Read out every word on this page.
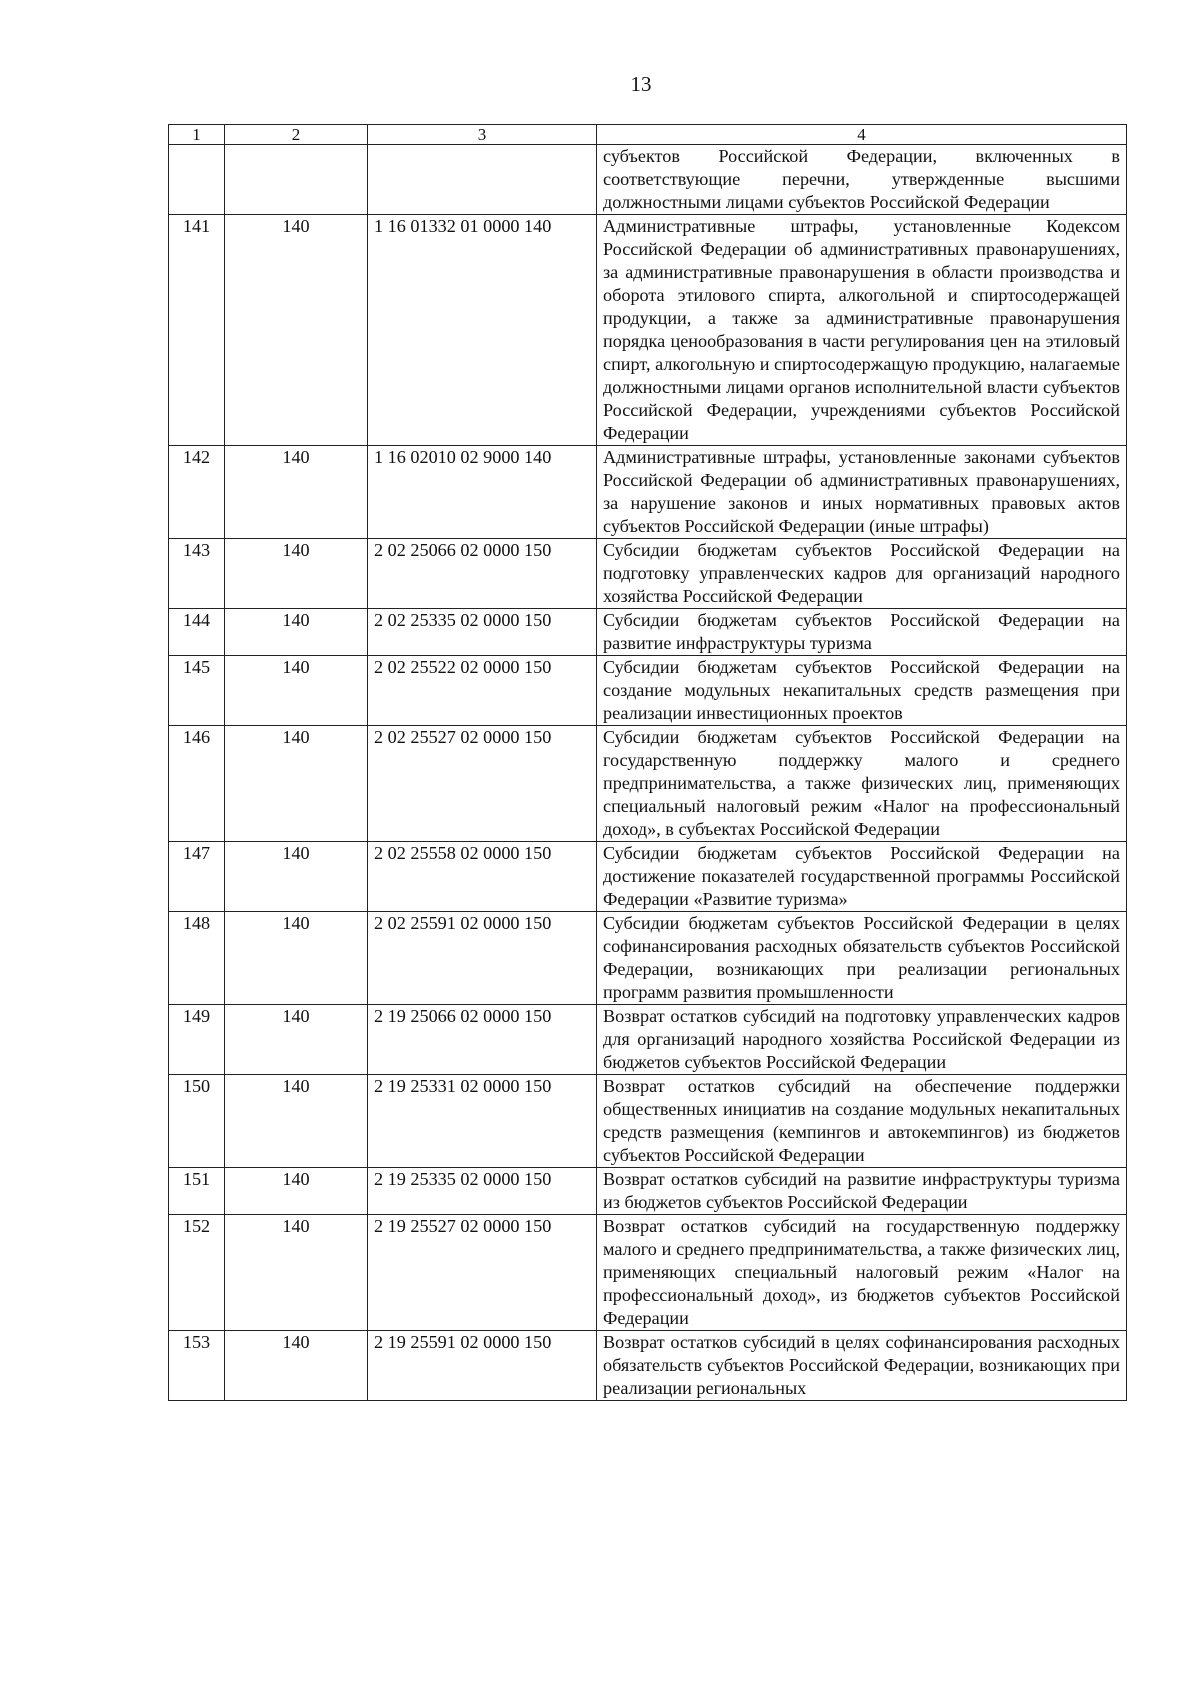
13
1	2	3	4
			субъектов Российской Федерации, включенных в соответствующие перечни, утвержденные высшими должностными лицами субъектов Российской Федерации
141	140	1 16 01332 01 0000 140	Административные штрафы, установленные Кодексом Российской Федерации об административных правонарушениях, за административные правонарушения в области производства и оборота этилового спирта, алкогольной и спиртосодержащей продукции, а также за административные правонарушения порядка ценообразования в части регулирования цен на этиловый спирт, алкогольную и спиртосодержащую продукцию, налагаемые должностными лицами органов исполнительной власти субъектов Российской Федерации, учреждениями субъектов Российской Федерации
142	140	1 16 02010 02 9000 140	Административные штрафы, установленные законами субъектов Российской Федерации об административных правонарушениях, за нарушение законов и иных нормативных правовых актов субъектов Российской Федерации (иные штрафы)
143	140	2 02 25066 02 0000 150	Субсидии бюджетам субъектов Российской Федерации на подготовку управленческих кадров для организаций народного хозяйства Российской Федерации
144	140	2 02 25335 02 0000 150	Субсидии бюджетам субъектов Российской Федерации на развитие инфраструктуры туризма
145	140	2 02 25522 02 0000 150	Субсидии бюджетам субъектов Российской Федерации на создание модульных некапитальных средств размещения при реализации инвестиционных проектов
146	140	2 02 25527 02 0000 150	Субсидии бюджетам субъектов Российской Федерации на государственную поддержку малого и среднего предпринимательства, а также физических лиц, применяющих специальный налоговый режим «Налог на профессиональный доход», в субъектах Российской Федерации
147	140	2 02 25558 02 0000 150	Субсидии бюджетам субъектов Российской Федерации на достижение показателей государственной программы Российской Федерации «Развитие туризма»
148	140	2 02 25591 02 0000 150	Субсидии бюджетам субъектов Российской Федерации в целях софинансирования расходных обязательств субъектов Российской Федерации, возникающих при реализации региональных программ развития промышленности
149	140	2 19 25066 02 0000 150	Возврат остатков субсидий на подготовку управленческих кадров для организаций народного хозяйства Российской Федерации из бюджетов субъектов Российской Федерации
150	140	2 19 25331 02 0000 150	Возврат остатков субсидий на обеспечение поддержки общественных инициатив на создание модульных некапитальных средств размещения (кемпингов и автокемпингов) из бюджетов субъектов Российской Федерации
151	140	2 19 25335 02 0000 150	Возврат остатков субсидий на развитие инфраструктуры туризма из бюджетов субъектов Российской Федерации
152	140	2 19 25527 02 0000 150	Возврат остатков субсидий на государственную поддержку малого и среднего предпринимательства, а также физических лиц, применяющих специальный налоговый режим «Налог на профессиональный доход», из бюджетов субъектов Российской Федерации
153	140	2 19 25591 02 0000 150	Возврат остатков субсидий в целях софинансирования расходных обязательств субъектов Российской Федерации, возникающих при реализации региональных
